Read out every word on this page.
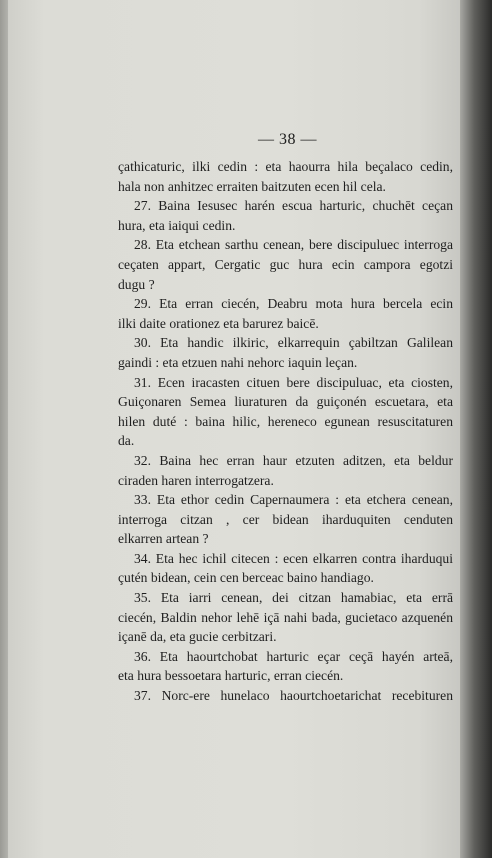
— 38 —
çathicaturic, ilki cedin : eta haourra hila beçalaco cedin,
hala non anhitzec erraiten baitzuten ecen hil cela.
27. Baina Iesusec harén escua harturic, chuchēt ceçan
hura, eta iaiqui cedin.
28. Eta etchean sarthu cenean, bere discipuluec interroga
ceçaten appart, Cergatic guc hura ecin campora egotzi
dugu ?
29. Eta erran ciecén, Deabru mota hura bercela ecin
ilki daite orationez eta barurez baicē.
30. Eta handic ilkiric, elkarrequin çabiltzan Galilean
gaindi : eta etzuen nahi nehorc iaquin leçan.
31. Ecen iracasten cituen bere discipuluac, eta ciosten,
Guiçonaren Semea liuraturen da guiçonén escuetara, eta
hilen duté : baina hilic, hereneco egunean resuscitaturen
da.
32. Baina hec erran haur etzuten aditzen, eta beldur
ciraden haren interrogatzera.
33. Eta ethor cedin Capernaumera : eta etchera cenean,
interroga citzan , cer bidean iharduquiten cenduten
elkarren artean ?
34. Eta hec ichil citecen : ecen elkarren contra iharduqui
çutén bidean, cein cen berceac baino handiago.
35. Eta iarri cenean, dei citzan hamabiac, eta errā
ciecén, Baldin nehor lehē içā nahi bada, gucietaco azquenén
içanē da, eta gucie cerbitzari.
36. Eta haourtchobat harturic eçar ceçā hayén arteā,
eta hura bessoetara harturic, erran ciecén.
37. Norc-ere hunelaco haourtchoetarichat recebituren
